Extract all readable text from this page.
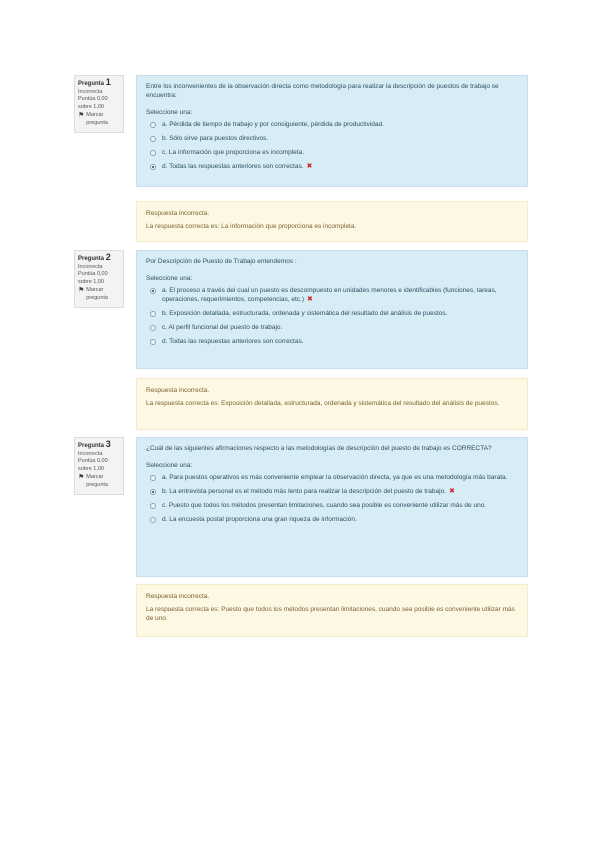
Pregunta 1
Incorrecta
Puntúa 0,00 sobre 1,00
⚑ Marcar pregunta
Entre los inconvenientes de la observación directa como metodología para realizar la descripción de puestos de trabajo se encuentra:
Seleccione una:
a. Pérdida de tiempo de trabajo y por consiguiente, pérdida de productividad.
b. Sólo sirve para puestos directivos.
c. La información que proporciona es incompleta.
d. Todas las respuestas anteriores son correctas. ✖
Respuesta incorrecta.
La respuesta correcta es: La información que proporciona es incompleta.
Pregunta 2
Incorrecta
Puntúa 0,00 sobre 1,00
⚑ Marcar pregunta
Por Descripción de Puesto de Trabajo entendemos :
Seleccione una:
a. El proceso a través del cual un puesto es descompuesto en unidades menores e identificables (funciones, tareas, operaciones, requerimientos, competencias, etc.) ✖
b. Exposición detallada, estructurada, ordenada y sistemática del resultado del análisis de puestos.
c. Al perfil funcional del puesto de trabajo.
d. Todas las respuestas anteriores son correctas.
Respuesta incorrecta.
La respuesta correcta es: Exposición detallada, estructurada, ordenada y sistemática del resultado del análisis de puestos.
Pregunta 3
Incorrecta
Puntúa 0,00 sobre 1,00
⚑ Marcar pregunta
¿Cuál de las siguientes afirmaciones respecto a las metodologías de descripción del puesto de trabajo es CORRECTA?
Seleccione una:
a. Para puestos operativos es más conveniente emplear la observación directa, ya que es una metodología más barata.
b. La entrevista personal es el método más lento para realizar la descripción del puesto de trabajo. ✖
c. Puesto que todos los métodos presentan limitaciones, cuando sea posible es conveniente utilizar más de uno.
d. La encuesta postal proporciona una gran riqueza de información.
Respuesta incorrecta.
La respuesta correcta es: Puesto que todos los métodos presentan limitaciones, cuando sea posible es conveniente utilizar más de uno.
